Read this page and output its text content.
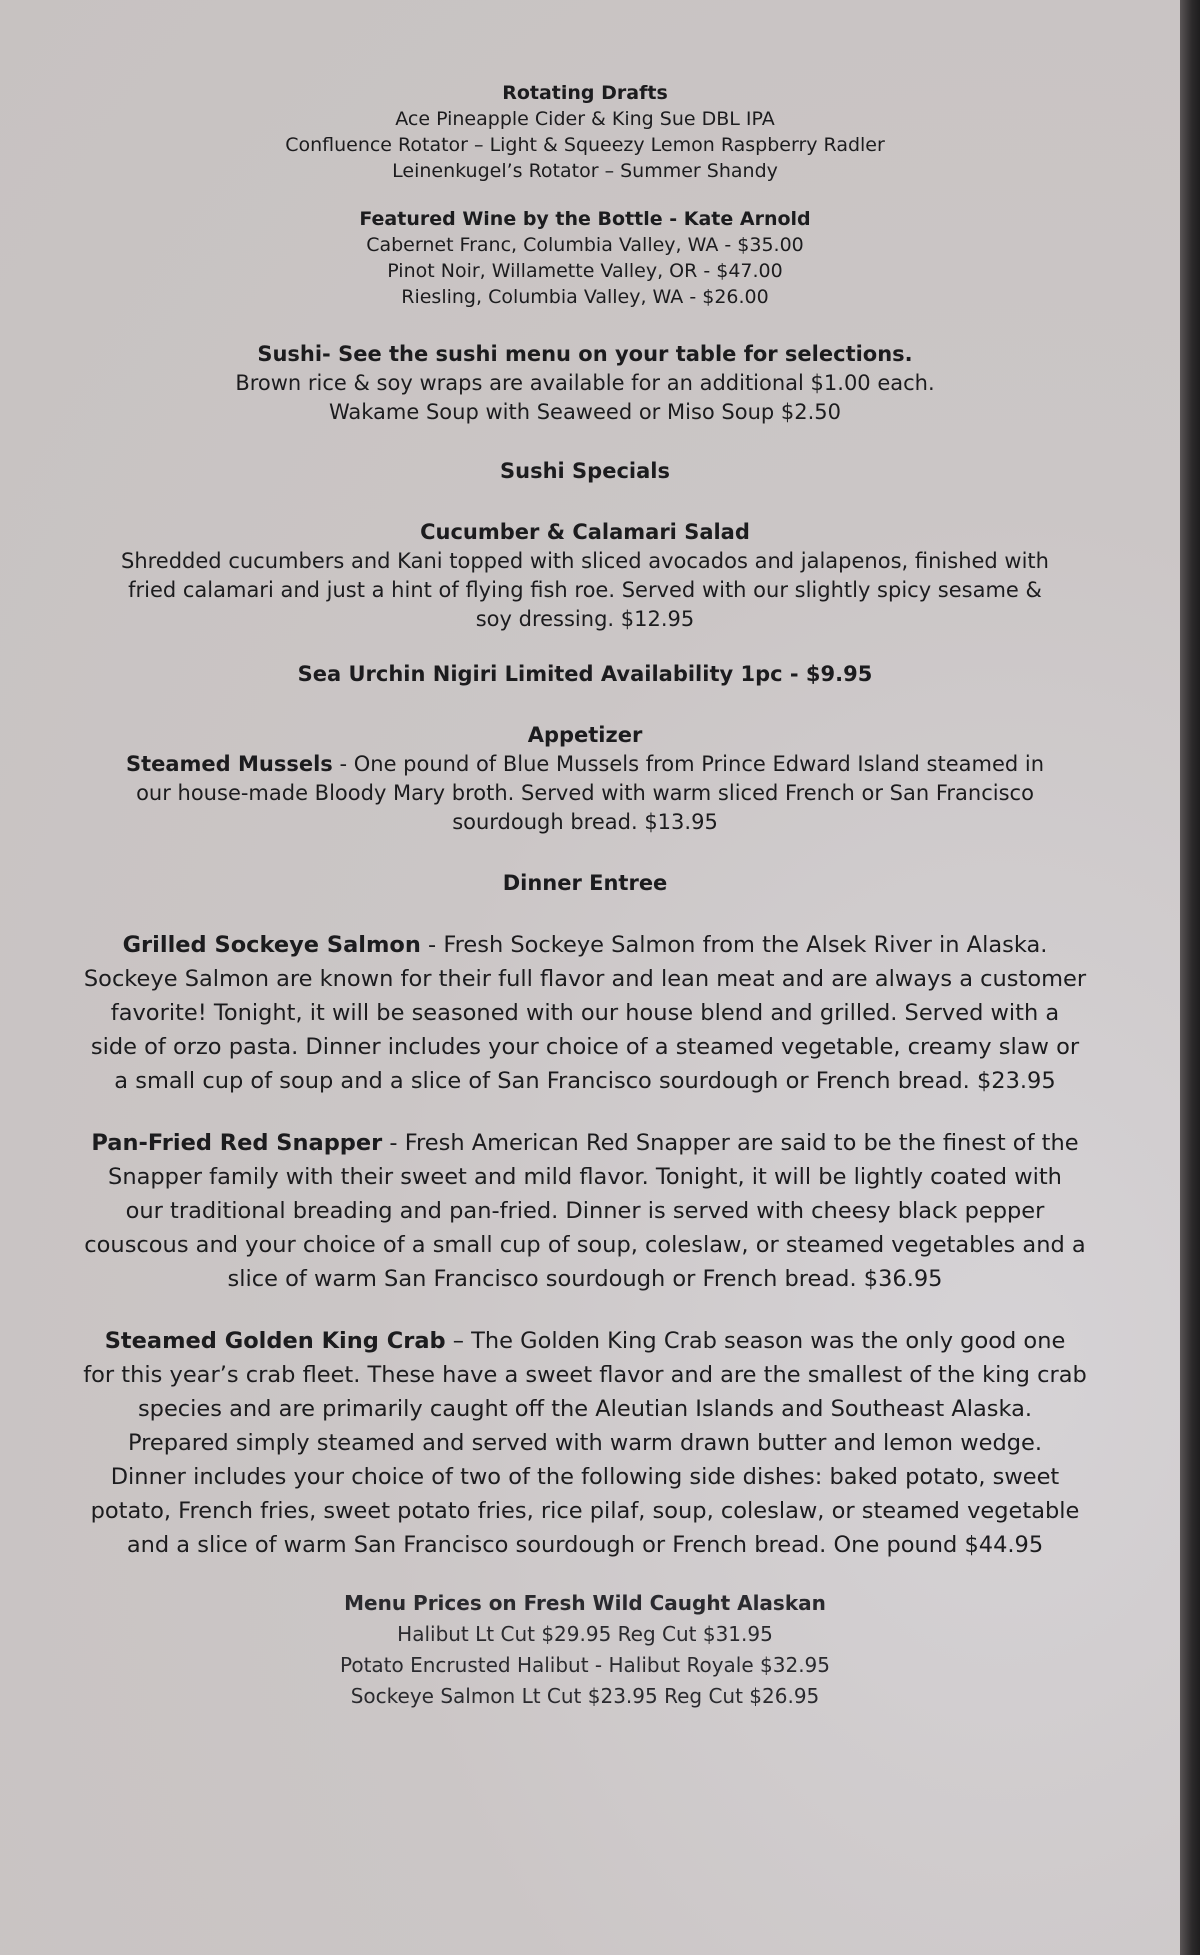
Rotating Drafts
Ace Pineapple Cider & King Sue DBL IPA
Confluence Rotator – Light & Squeezy Lemon Raspberry Radler
Leinenkugel’s Rotator – Summer Shandy
Featured Wine by the Bottle - Kate Arnold
Cabernet Franc, Columbia Valley, WA - $35.00
Pinot Noir, Willamette Valley, OR - $47.00
Riesling, Columbia Valley, WA - $26.00
Sushi- See the sushi menu on your table for selections.
Brown rice & soy wraps are available for an additional $1.00 each.
Wakame Soup with Seaweed or Miso Soup $2.50
Sushi Specials
Cucumber & Calamari Salad
Shredded cucumbers and Kani topped with sliced avocados and jalapenos, finished with
fried calamari and just a hint of flying fish roe. Served with our slightly spicy sesame &
soy dressing. $12.95
Sea Urchin Nigiri Limited Availability 1pc - $9.95
Appetizer
Steamed Mussels - One pound of Blue Mussels from Prince Edward Island steamed in
our house-made Bloody Mary broth. Served with warm sliced French or San Francisco
sourdough bread. $13.95
Dinner Entree
Grilled Sockeye Salmon - Fresh Sockeye Salmon from the Alsek River in Alaska.
Sockeye Salmon are known for their full flavor and lean meat and are always a customer
favorite! Tonight, it will be seasoned with our house blend and grilled. Served with a
side of orzo pasta. Dinner includes your choice of a steamed vegetable, creamy slaw or
a small cup of soup and a slice of San Francisco sourdough or French bread. $23.95
Pan-Fried Red Snapper - Fresh American Red Snapper are said to be the finest of the
Snapper family with their sweet and mild flavor. Tonight, it will be lightly coated with
our traditional breading and pan-fried. Dinner is served with cheesy black pepper
couscous and your choice of a small cup of soup, coleslaw, or steamed vegetables and a
slice of warm San Francisco sourdough or French bread. $36.95
Steamed Golden King Crab – The Golden King Crab season was the only good one
for this year’s crab fleet. These have a sweet flavor and are the smallest of the king crab
species and are primarily caught off the Aleutian Islands and Southeast Alaska.
Prepared simply steamed and served with warm drawn butter and lemon wedge.
Dinner includes your choice of two of the following side dishes: baked potato, sweet
potato, French fries, sweet potato fries, rice pilaf, soup, coleslaw, or steamed vegetable
and a slice of warm San Francisco sourdough or French bread. One pound $44.95
Menu Prices on Fresh Wild Caught Alaskan
Halibut Lt Cut $29.95 Reg Cut $31.95
Potato Encrusted Halibut - Halibut Royale $32.95
Sockeye Salmon Lt Cut $23.95 Reg Cut $26.95
